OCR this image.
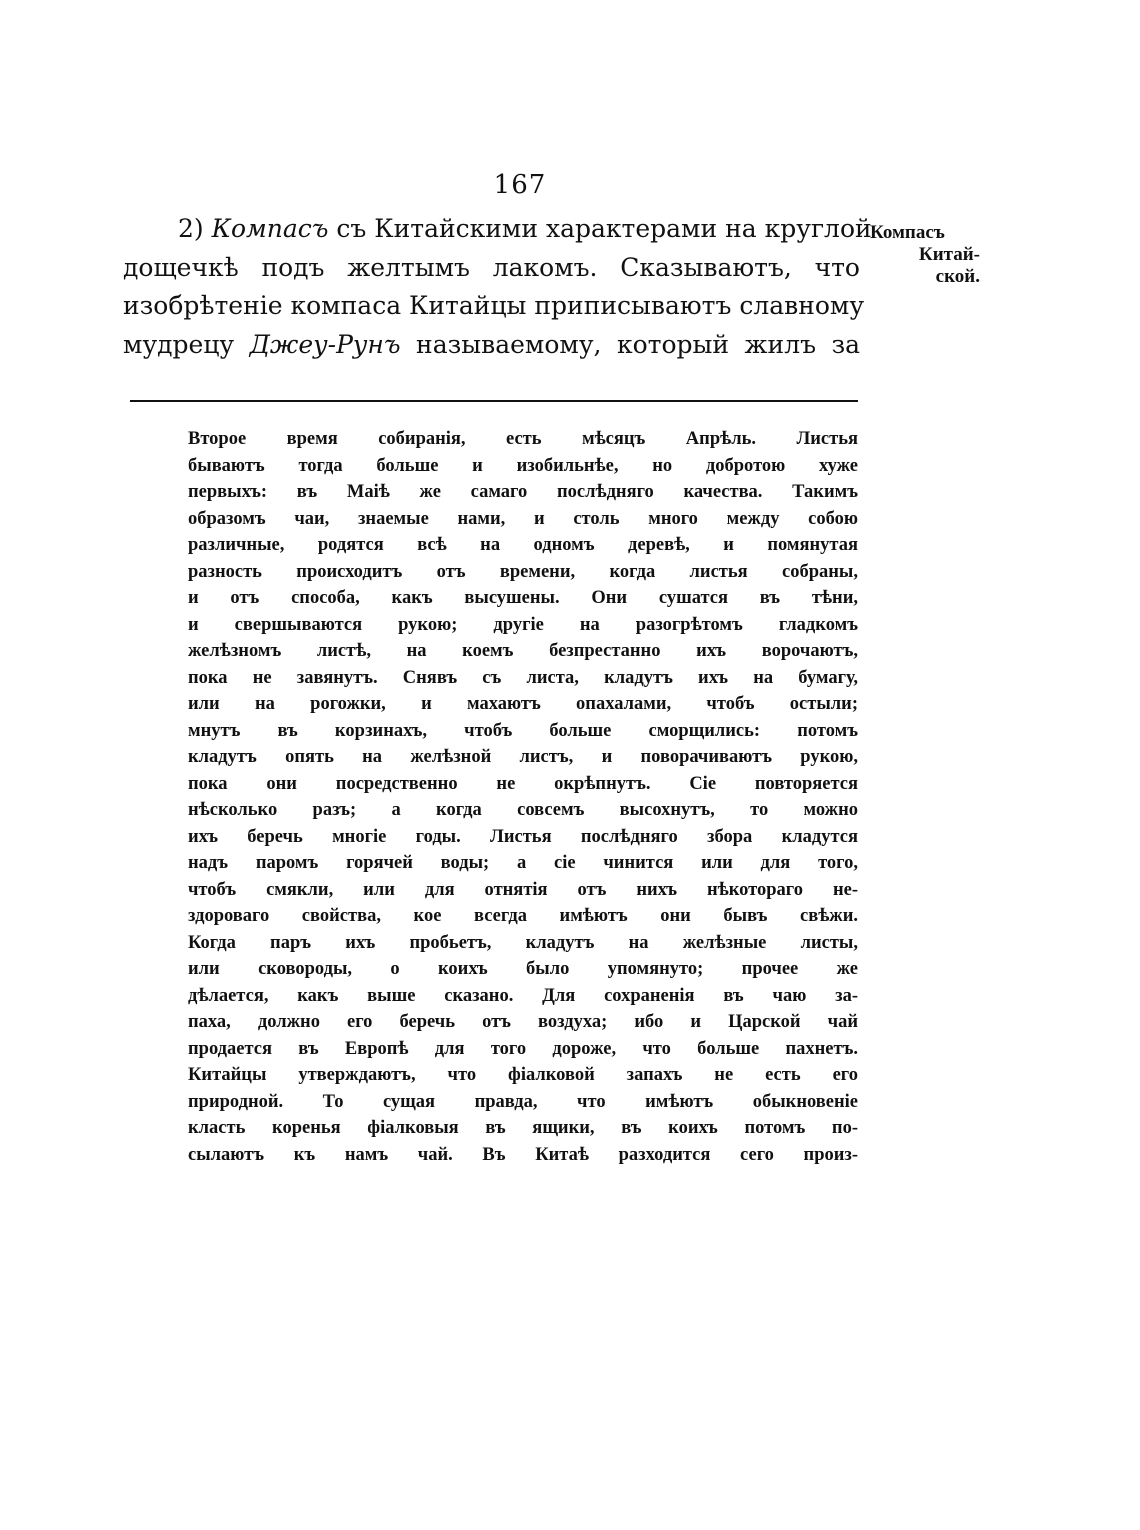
167
2) Компасъ съ Китайскими характерами на круглой
дощечкѣ подъ желтымъ лакомъ. Сказываютъ, что
изобрѣтеніе компаса Китайцы приписываютъ славному
мудрецу Джеу-Рунъ называемому, который жилъ за
Компасъ
Китай-
ской.
Второе время собиранія, есть мѣсяцъ Апрѣль. Листья
бываютъ тогда больше и изобильнѣе, но добротою хуже
первыхъ: въ Маіѣ же самаго послѣдняго качества. Такимъ
образомъ чаи, знаемые нами, и столь много между собою
различные, родятся всѣ на одномъ деревѣ, и помянутая
разность происходитъ отъ времени, когда листья собраны,
и отъ способа, какъ высушены. Они сушатся въ тѣни,
и свершываются рукою; другіе на разогрѣтомъ гладкомъ
желѣзномъ листѣ, на коемъ безпрестанно ихъ ворочаютъ,
пока не завянутъ. Снявъ съ листа, кладутъ ихъ на бумагу,
или на рогожки, и махаютъ опахалами, чтобъ остыли;
мнутъ въ корзинахъ, чтобъ больше сморщились: потомъ
кладутъ опять на желѣзной листъ, и поворачиваютъ рукою,
пока они посредственно не окрѣпнутъ. Сіе повторяется
нѣсколько разъ; а когда совсемъ высохнутъ, то можно
ихъ беречь многіе годы. Листья послѣдняго збора кладутся
надъ паромъ горячей воды; а сіе чинится или для того,
чтобъ смякли, или для отнятія отъ нихъ нѣкотораго не-
здороваго свойства, кое всегда имѣютъ они бывъ свѣжи.
Когда паръ ихъ пробьетъ, кладутъ на желѣзные листы,
или сковороды, о коихъ было упомянуто; прочее же
дѣлается, какъ выше сказано. Для сохраненія въ чаю за-
паха, должно его беречь отъ воздуха; ибо и Царской чай
продается въ Европѣ для того дороже, что больше пахнетъ.
Китайцы утверждаютъ, что фіалковой запахъ не есть его
природной. То сущая правда, что имѣютъ обыкновеніе
класть коренья фіалковыя въ ящики, въ коихъ потомъ по-
сылаютъ къ намъ чай. Въ Китаѣ разходится сего произ-
